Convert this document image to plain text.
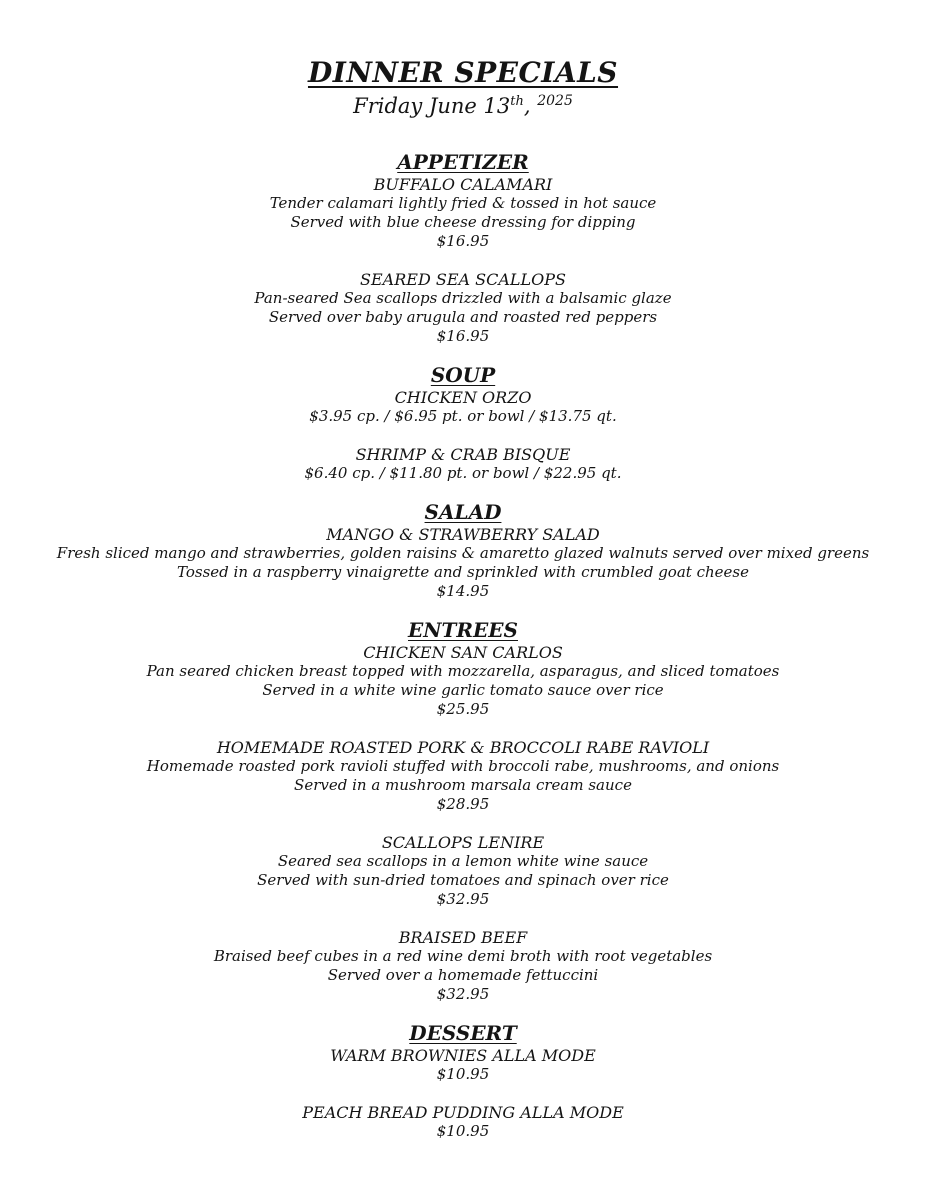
DINNER SPECIALS
Friday June 13th, $^{2025}$
APPETIZER
BUFFALO CALAMARI
Tender calamari lightly fried & tossed in hot sauce
Served with blue cheese dressing for dipping
$16.95
SEARED SEA SCALLOPS
Pan-seared Sea scallops drizzled with a balsamic glaze
Served over baby arugula and roasted red peppers
$16.95
SOUP
CHICKEN ORZO
$3.95 cp. / $6.95 pt. or bowl / $13.75 qt.
SHRIMP & CRAB BISQUE
$6.40 cp. / $11.80 pt. or bowl / $22.95 qt.
SALAD
MANGO & STRAWBERRY SALAD
Fresh sliced mango and strawberries, golden raisins & amaretto glazed walnuts served over mixed greens
Tossed in a raspberry vinaigrette and sprinkled with crumbled goat cheese
$14.95
ENTREES
CHICKEN SAN CARLOS
Pan seared chicken breast topped with mozzarella, asparagus, and sliced tomatoes
Served in a white wine garlic tomato sauce over rice
$25.95
HOMEMADE ROASTED PORK & BROCCOLI RABE RAVIOLI
Homemade roasted pork ravioli stuffed with broccoli rabe, mushrooms, and onions
Served in a mushroom marsala cream sauce
$28.95
SCALLOPS LENIRE
Seared sea scallops in a lemon white wine sauce
Served with sun-dried tomatoes and spinach over rice
$32.95
BRAISED BEEF
Braised beef cubes in a red wine demi broth with root vegetables
Served over a homemade fettuccini
$32.95
DESSERT
WARM BROWNIES ALLA MODE
$10.95
PEACH BREAD PUDDING ALLA MODE
$10.95
